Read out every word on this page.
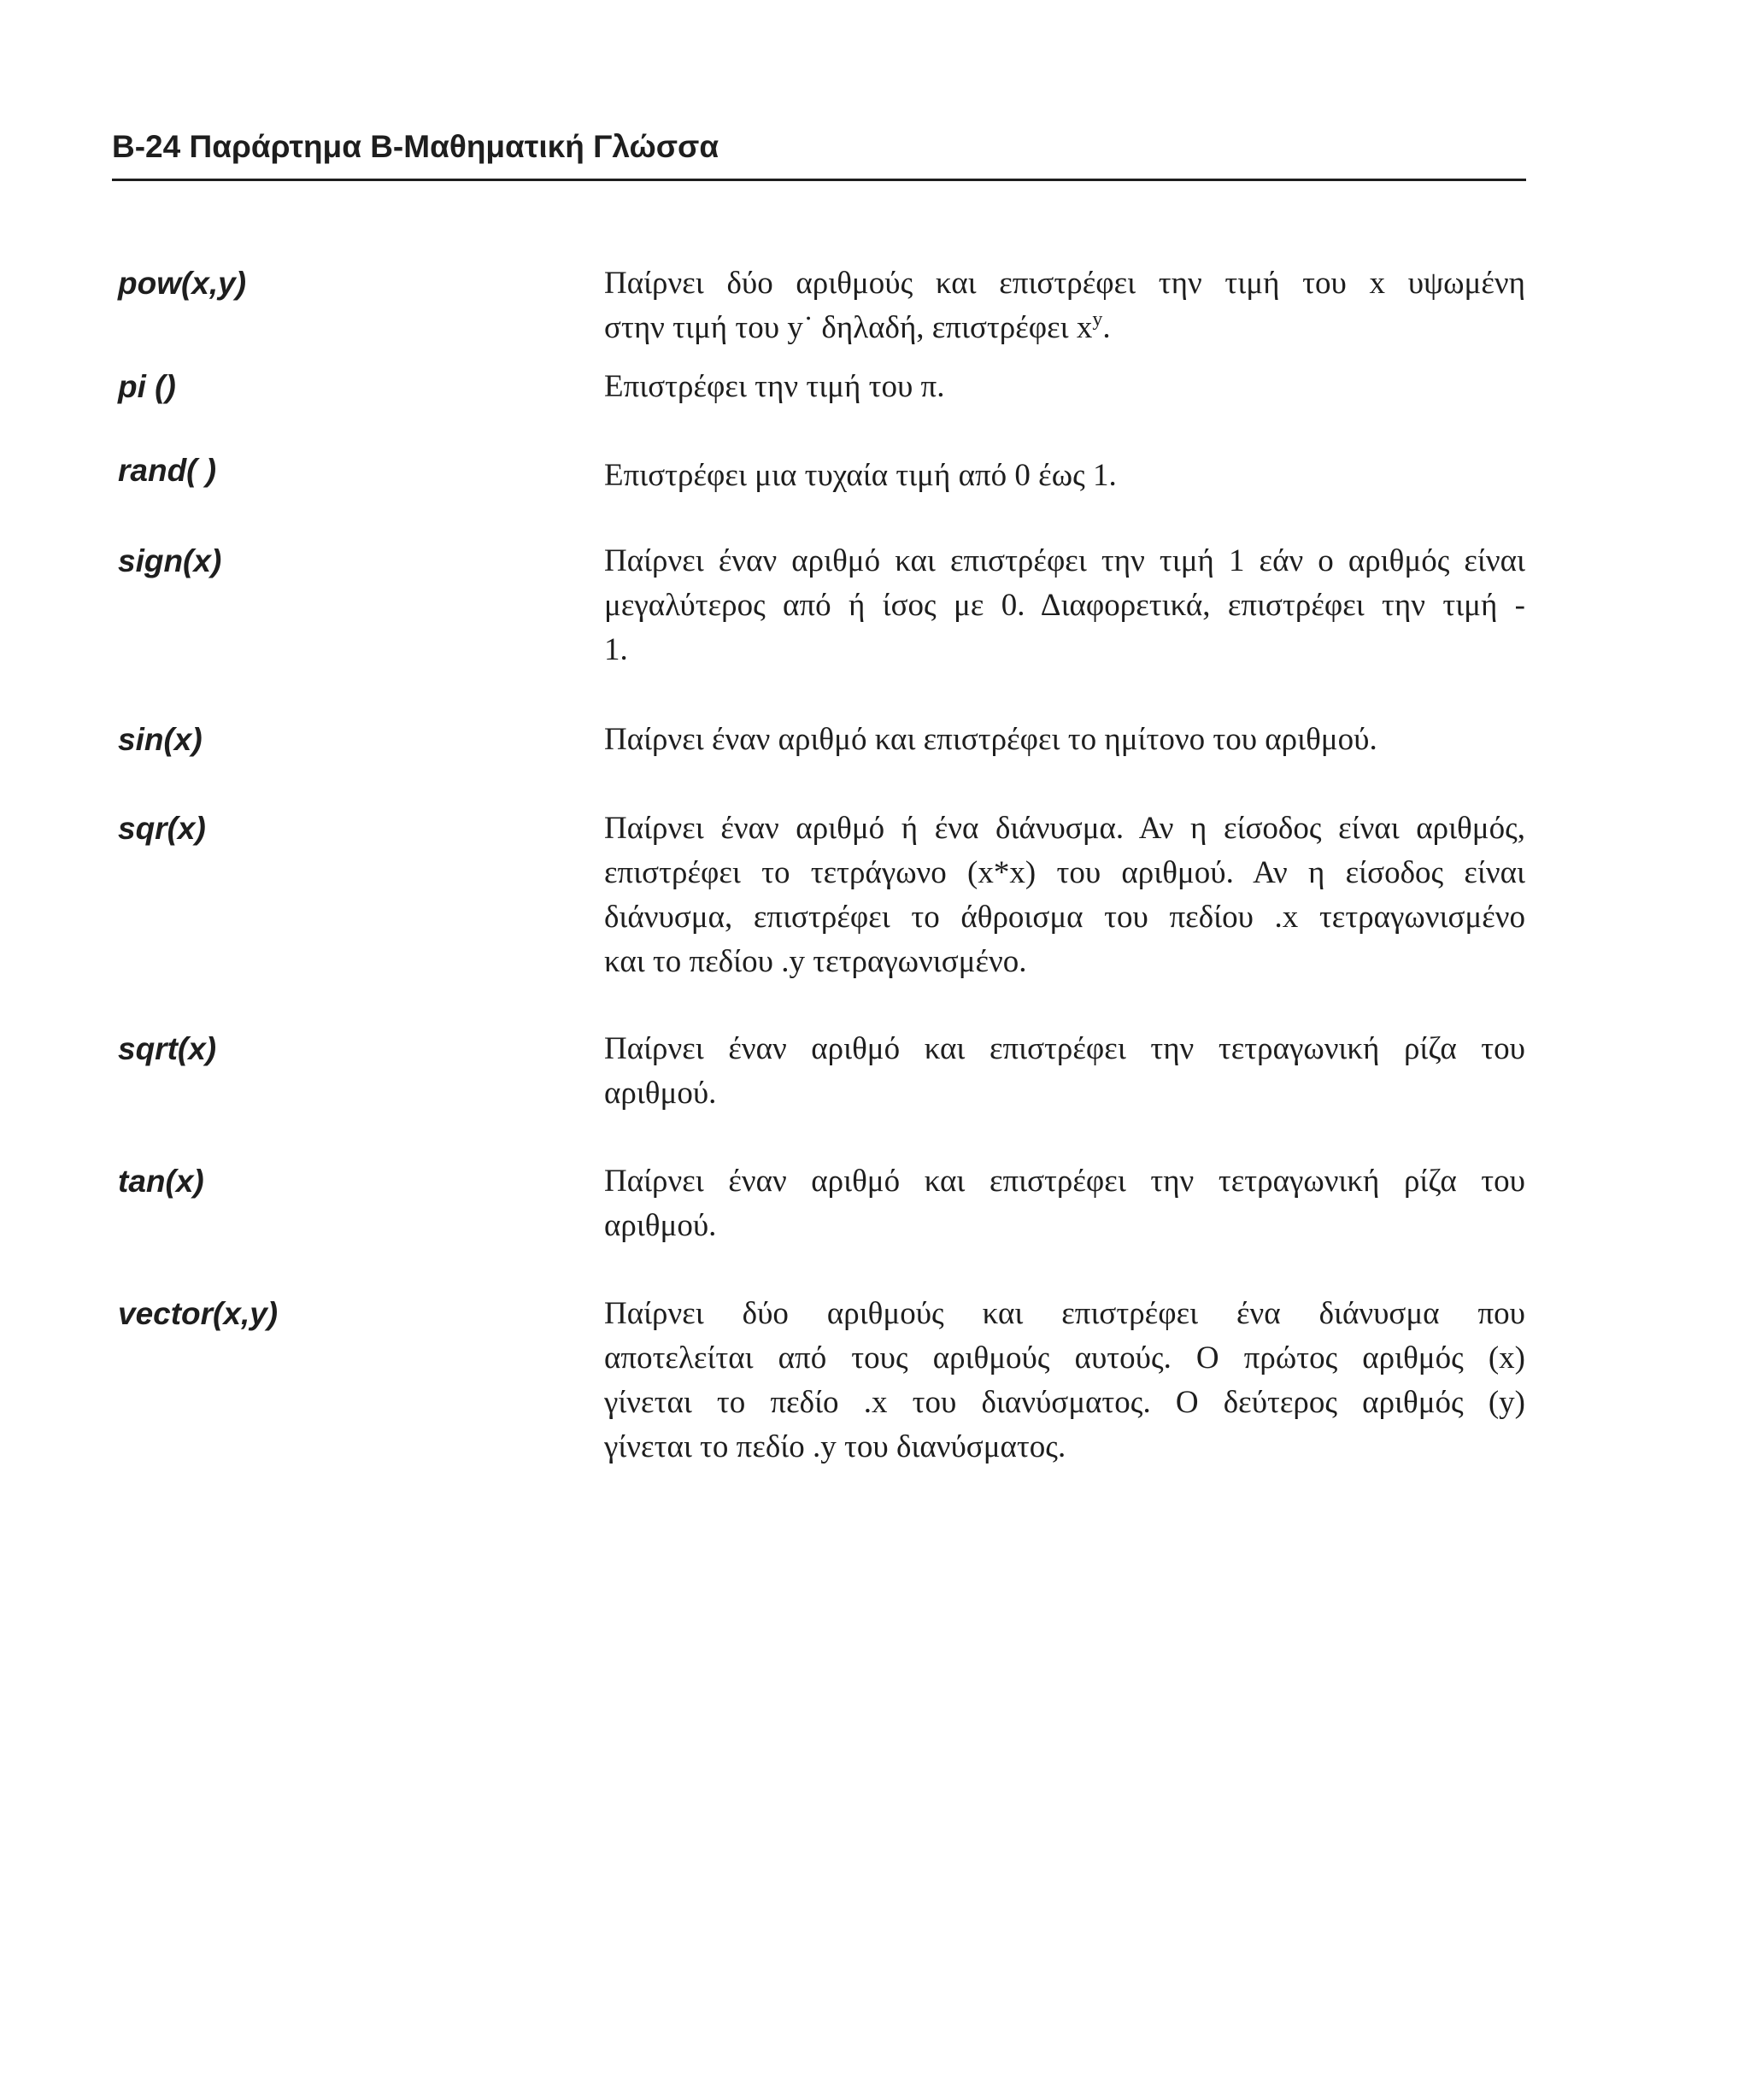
B-24 Παράρτημα B-Μαθηματική Γλώσσα
pow(x,y)	Παίρνει δύο αριθμούς και επιστρέφει την τιμή του x υψωμένη
στην τιμή του y˙ δηλαδή, επιστρέφει $x^y$.
pi ()	Επιστρέφει την τιμή του π.
rand( )	Επιστρέφει μια τυχαία τιμή από 0 έως 1.
sign(x)	Παίρνει έναν αριθμό και επιστρέφει την τιμή 1 εάν ο αριθμός είναι
μεγαλύτερος από ή ίσος με 0. Διαφορετικά, επιστρέφει την τιμή -
1.
sin(x)	Παίρνει έναν αριθμό και επιστρέφει το ημίτονο του αριθμού.
sqr(x)	Παίρνει έναν αριθμό ή ένα διάνυσμα. Αν η είσοδος είναι αριθμός,
επιστρέφει το τετράγωνο (x*x) του αριθμού. Αν η είσοδος είναι
διάνυσμα, επιστρέφει το άθροισμα του πεδίου .x τετραγωνισμένο
και το πεδίου .y τετραγωνισμένο.
sqrt(x)	Παίρνει έναν αριθμό και επιστρέφει την τετραγωνική ρίζα του
αριθμού.
tan(x)	Παίρνει έναν αριθμό και επιστρέφει την τετραγωνική ρίζα του
αριθμού.
vector(x,y)	Παίρνει δύο αριθμούς και επιστρέφει ένα διάνυσμα που
αποτελείται από τους αριθμούς αυτούς. Ο πρώτος αριθμός (x)
γίνεται το πεδίο .x του διανύσματος. Ο δεύτερος αριθμός (y)
γίνεται το πεδίο .y του διανύσματος.
